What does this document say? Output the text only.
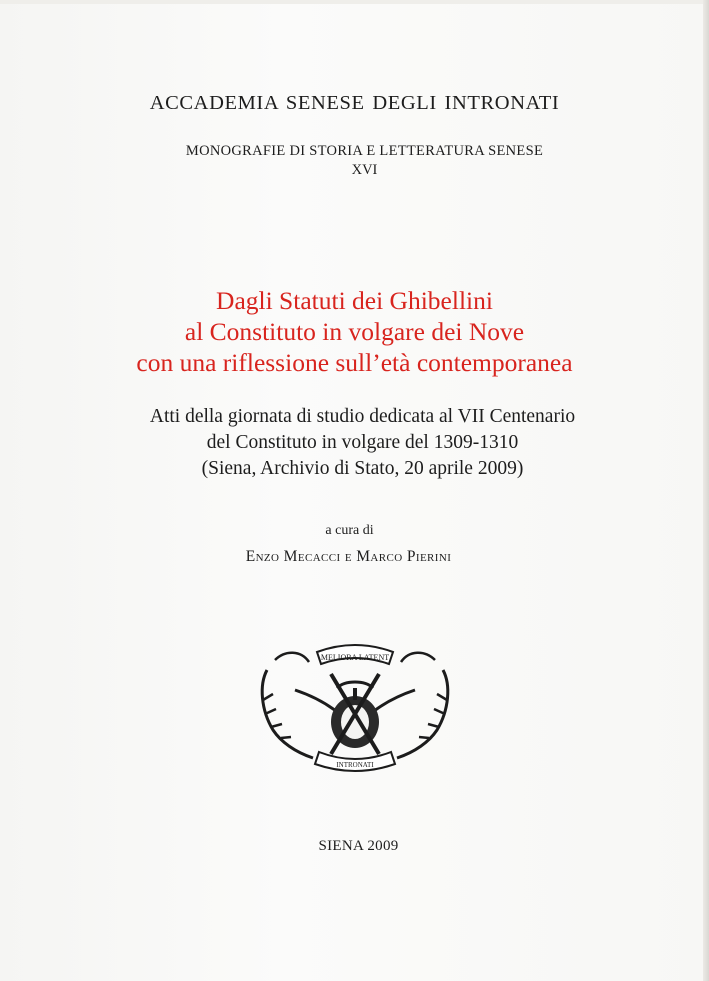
ACCADEMIA SENESE DEGLI INTRONATI
MONOGRAFIE DI STORIA E LETTERATURA SENESE
XVI
Dagli Statuti dei Ghibellini
al Constituto in volgare dei Nove
con una riflessione sull’età contemporanea
Atti della giornata di studio dedicata al VII Centenario
del Constituto in volgare del 1309-1310
(Siena, Archivio di Stato, 20 aprile 2009)
a cura di
Enzo Mecacci e Marco Pierini
MELIORA LATENT
INTRONATI
SIENA 2009
